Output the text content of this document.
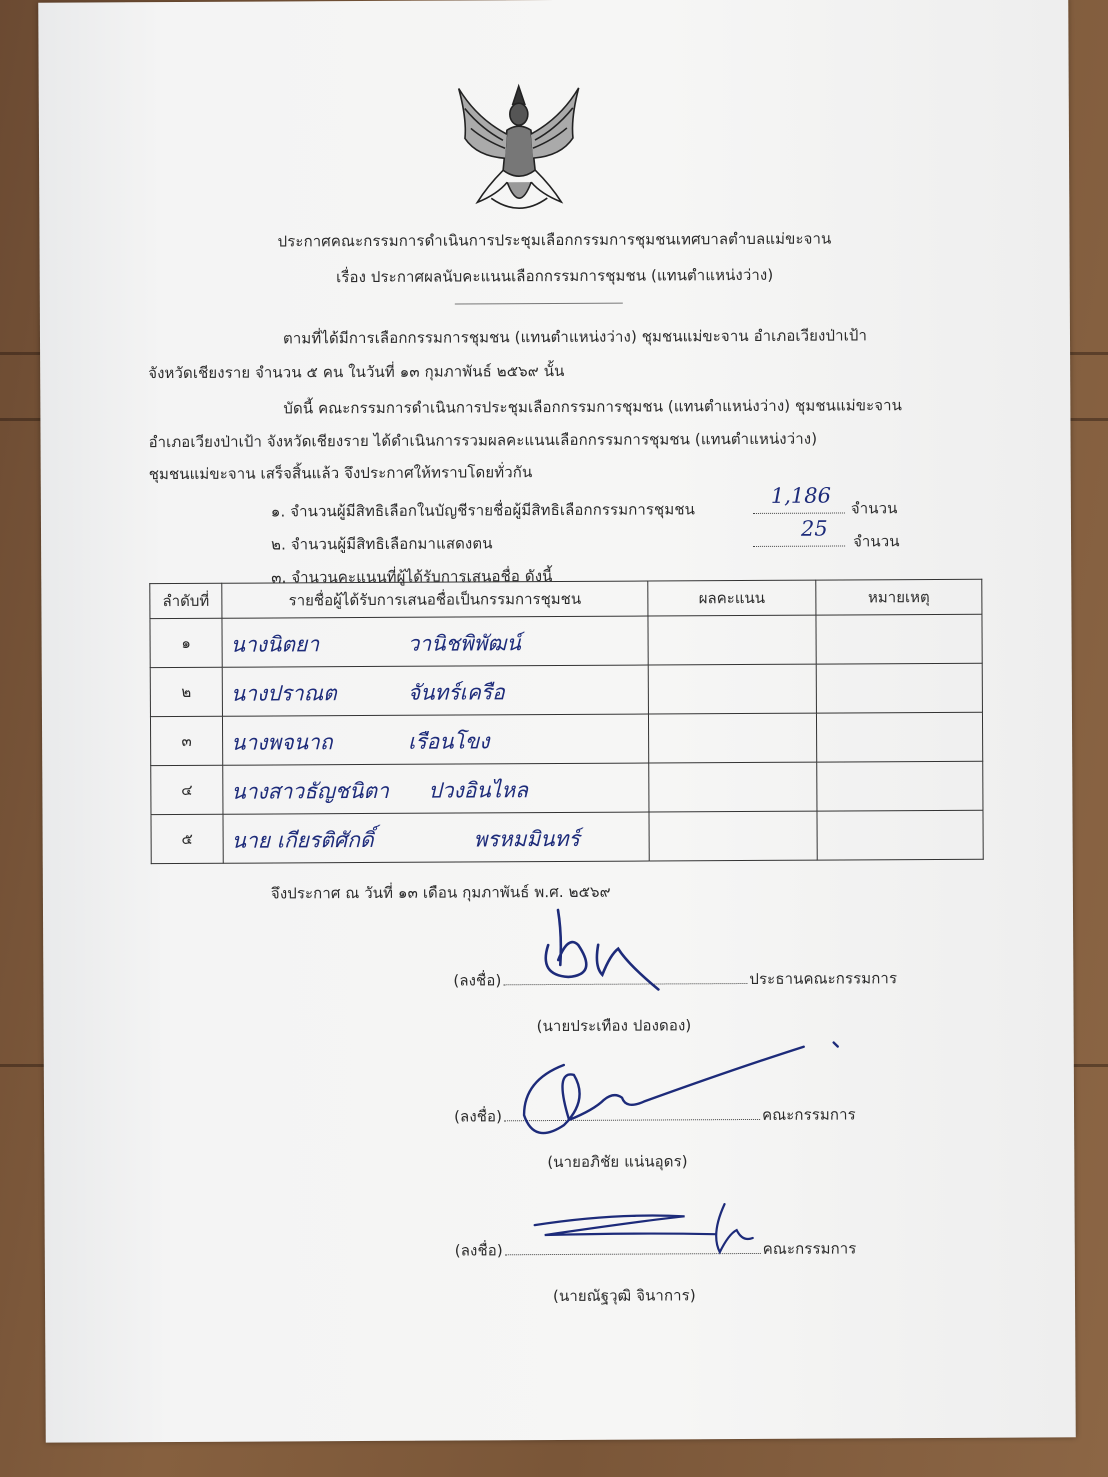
ประกาศคณะกรรมการดำเนินการประชุมเลือกกรรมการชุมชนเทศบาลตำบลแม่ขะจาน
เรื่อง ประกาศผลนับคะแนนเลือกกรรมการชุมชน (แทนตำแหน่งว่าง)
ตามที่ได้มีการเลือกกรรมการชุมชน (แทนตำแหน่งว่าง) ชุมชนแม่ขะจาน อำเภอเวียงป่าเป้า
จังหวัดเชียงราย จำนวน ๕ คน ในวันที่ ๑๓ กุมภาพันธ์ ๒๕๖๙ นั้น
บัดนี้ คณะกรรมการดำเนินการประชุมเลือกกรรมการชุมชน (แทนตำแหน่งว่าง) ชุมชนแม่ขะจาน
อำเภอเวียงป่าเป้า จังหวัดเชียงราย ได้ดำเนินการรวมผลคะแนนเลือกกรรมการชุมชน (แทนตำแหน่งว่าง)
ชุมชนแม่ขะจาน เสร็จสิ้นแล้ว จึงประกาศให้ทราบโดยทั่วกัน
๑. จำนวนผู้มีสิทธิเลือกในบัญชีรายชื่อผู้มีสิทธิเลือกกรรมการชุมชน
1,186
จำนวน
๒. จำนวนผู้มีสิทธิเลือกมาแสดงตน
25
จำนวน
๓. จำนวนคะแนนที่ผู้ได้รับการเสนอชื่อ ดังนี้
ลำดับที่	รายชื่อผู้ได้รับการเสนอชื่อเป็นกรรมการชุมชน	ผลคะแนน	หมายเหตุ
๑	นางนิตยา วานิชพิพัฒน์		

๒	นางปราณต จันทร์เครือ		

๓	นางพจนาถ เรือนโขง		

๔	นางสาวธัญชนิตา ปวงอินไหล		

๕	นาย เกียรติศักดิ์ พรหมมินทร์		

จึงประกาศ ณ วันที่ ๑๓ เดือน กุมภาพันธ์ พ.ศ. ๒๕๖๙
(ลงชื่อ)	ประธานคณะกรรมการ
(นายประเทือง ปองดอง)
(ลงชื่อ)	คณะกรรมการ
(นายอภิชัย แน่นอุดร)
(ลงชื่อ)	คณะกรรมการ
(นายณัฐวุฒิ จินาการ)
